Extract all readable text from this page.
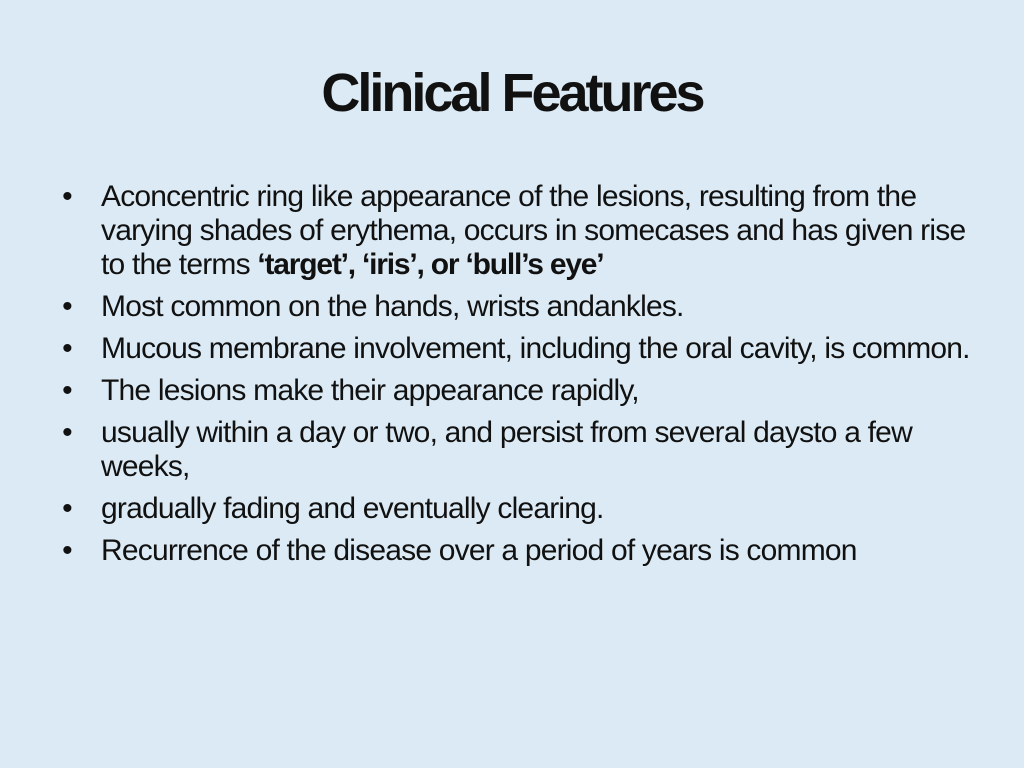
Clinical Features
• Aconcentric ring like appearance of the lesions, resulting from the varying shades of erythema, occurs in somecases and has given rise to the terms ‘target’, ‘iris’, or ‘bull’s eye’
• Most common on the hands, wrists andankles.
• Mucous membrane involvement, including the oral cavity, is common.
• The lesions make their appearance rapidly,
• usually within a day or two, and persist from several daysto a few weeks,
• gradually fading and eventually clearing.
• Recurrence of the disease over a period of years is common
